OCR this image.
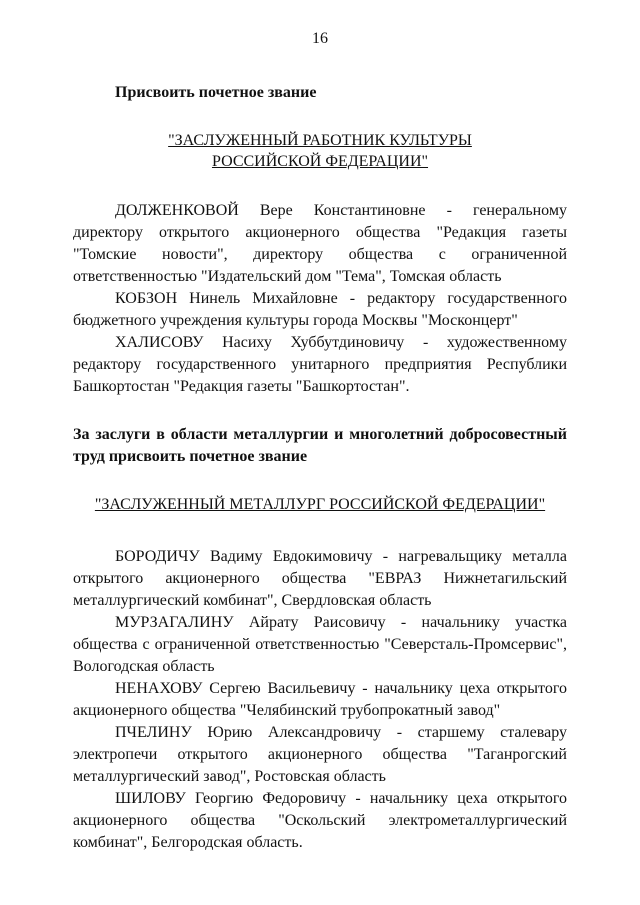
16

Присвоить почетное звание

"ЗАСЛУЖЕННЫЙ РАБОТНИК КУЛЬТУРЫ
РОССИЙСКОЙ ФЕДЕРАЦИИ"

ДОЛЖЕНКОВОЙ Вере Константиновне - генеральному директору открытого акционерного общества "Редакция газеты "Томские новости", директору общества с ограниченной ответственностью "Издательский дом "Тема", Томская область

КОБЗОН Нинель Михайловне - редактору государственного бюджетного учреждения культуры города Москвы "Москонцерт"

ХАЛИСОВУ Насиху Хуббутдиновичу - художественному редактору государственного унитарного предприятия Республики Башкортостан "Редакция газеты "Башкортостан".

За заслуги в области металлургии и многолетний добросовестный труд присвоить почетное звание

"ЗАСЛУЖЕННЫЙ МЕТАЛЛУРГ РОССИЙСКОЙ ФЕДЕРАЦИИ"

БОРОДИЧУ Вадиму Евдокимовичу - нагревальщику металла открытого акционерного общества "ЕВРАЗ Нижнетагильский металлургический комбинат", Свердловская область

МУРЗАГАЛИНУ Айрату Раисовичу - начальнику участка общества с ограниченной ответственностью "Северсталь-Промсервис", Вологодская область

НЕНАХОВУ Сергею Васильевичу - начальнику цеха открытого акционерного общества "Челябинский трубопрокатный завод"

ПЧЕЛИНУ Юрию Александровичу - старшему сталевару электропечи открытого акционерного общества "Таганрогский металлургический завод", Ростовская область

ШИЛОВУ Георгию Федоровичу - начальнику цеха открытого акционерного общества "Оскольский электрометаллургический комбинат", Белгородская область.
